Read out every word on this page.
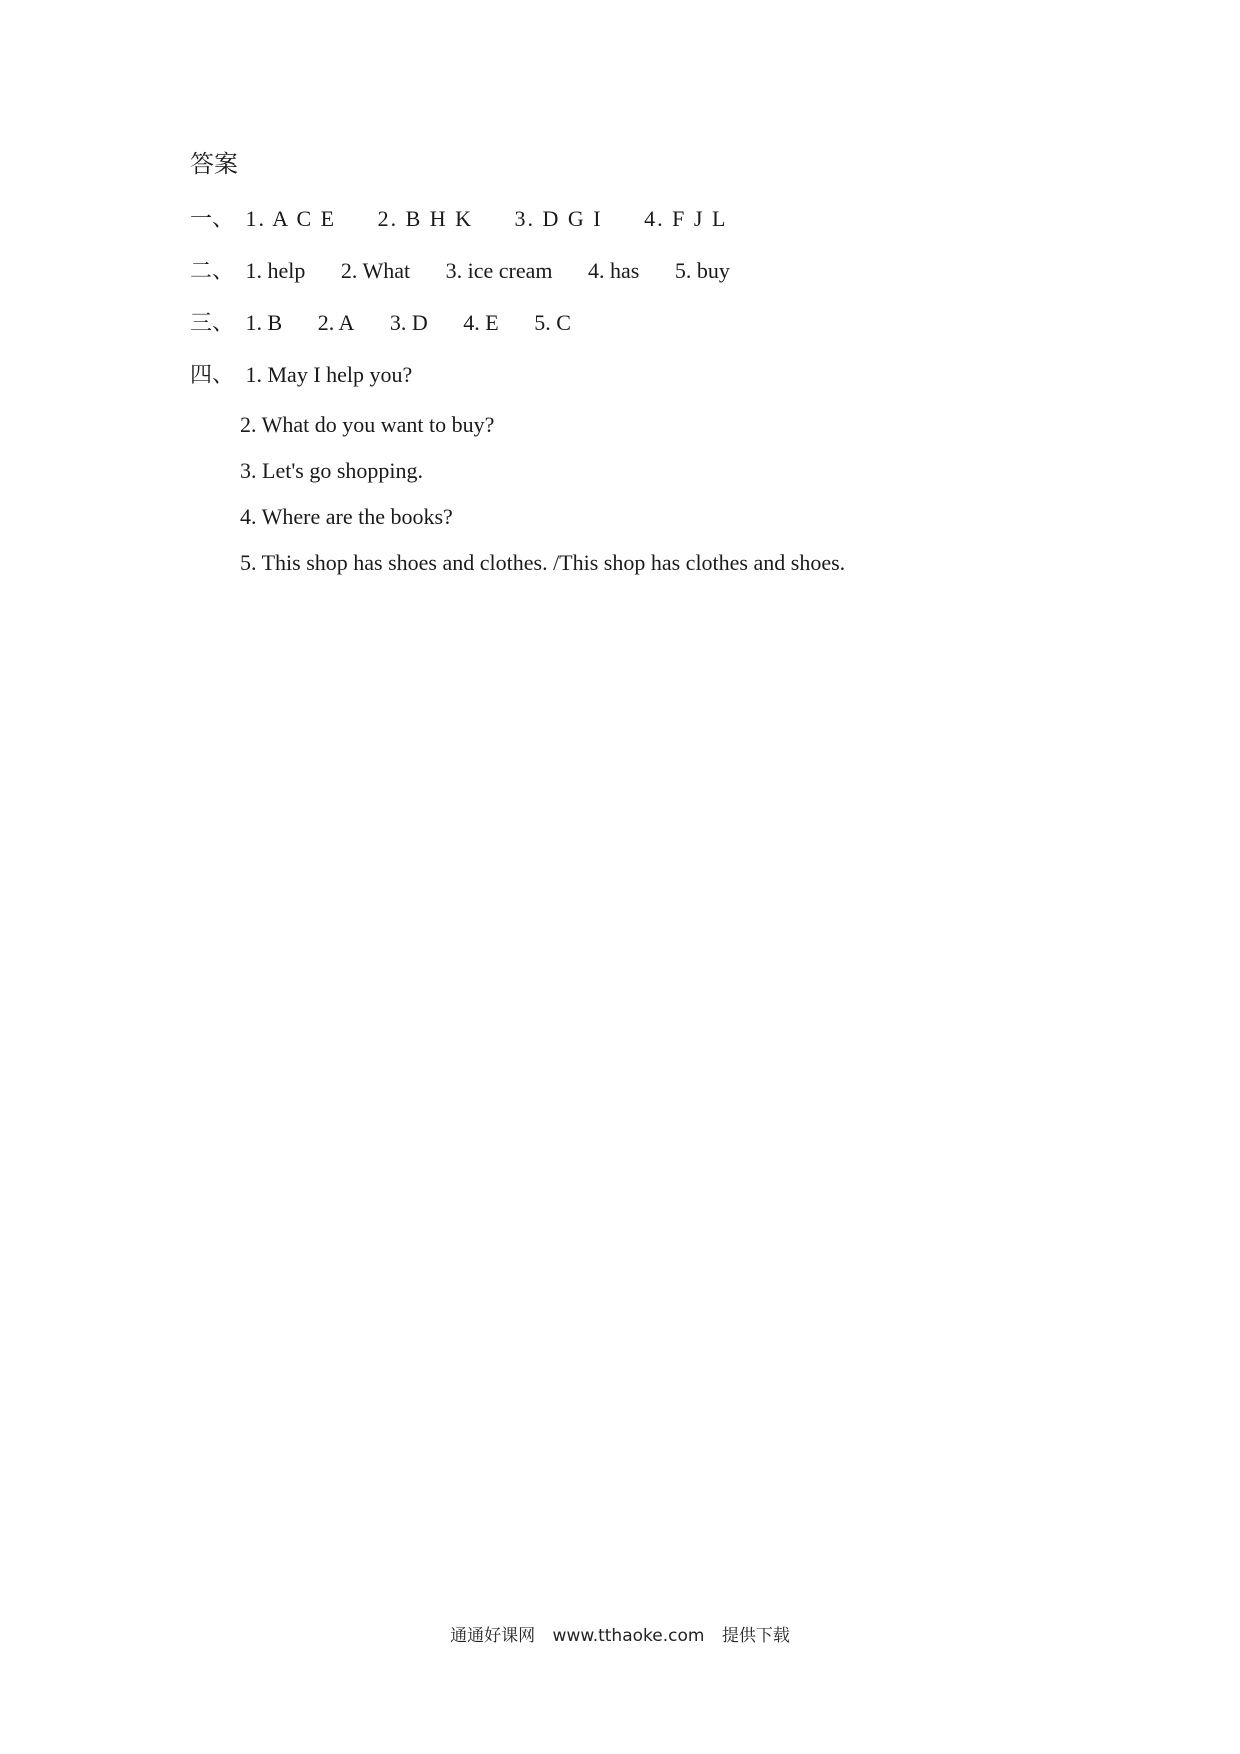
答案
一、 1. A C E 2. B H K 3. D G I 4. F J L
二、 1. help 2. What 3. ice cream 4. has 5. buy
三、 1. B 2. A 3. D 4. E 5. C
四、 1. May I help you?
2. What do you want to buy?
3. Let's go shopping.
4. Where are the books?
5. This shop has shoes and clothes. /This shop has clothes and shoes.
通通好课网 www.tthaoke.com 提供下载
